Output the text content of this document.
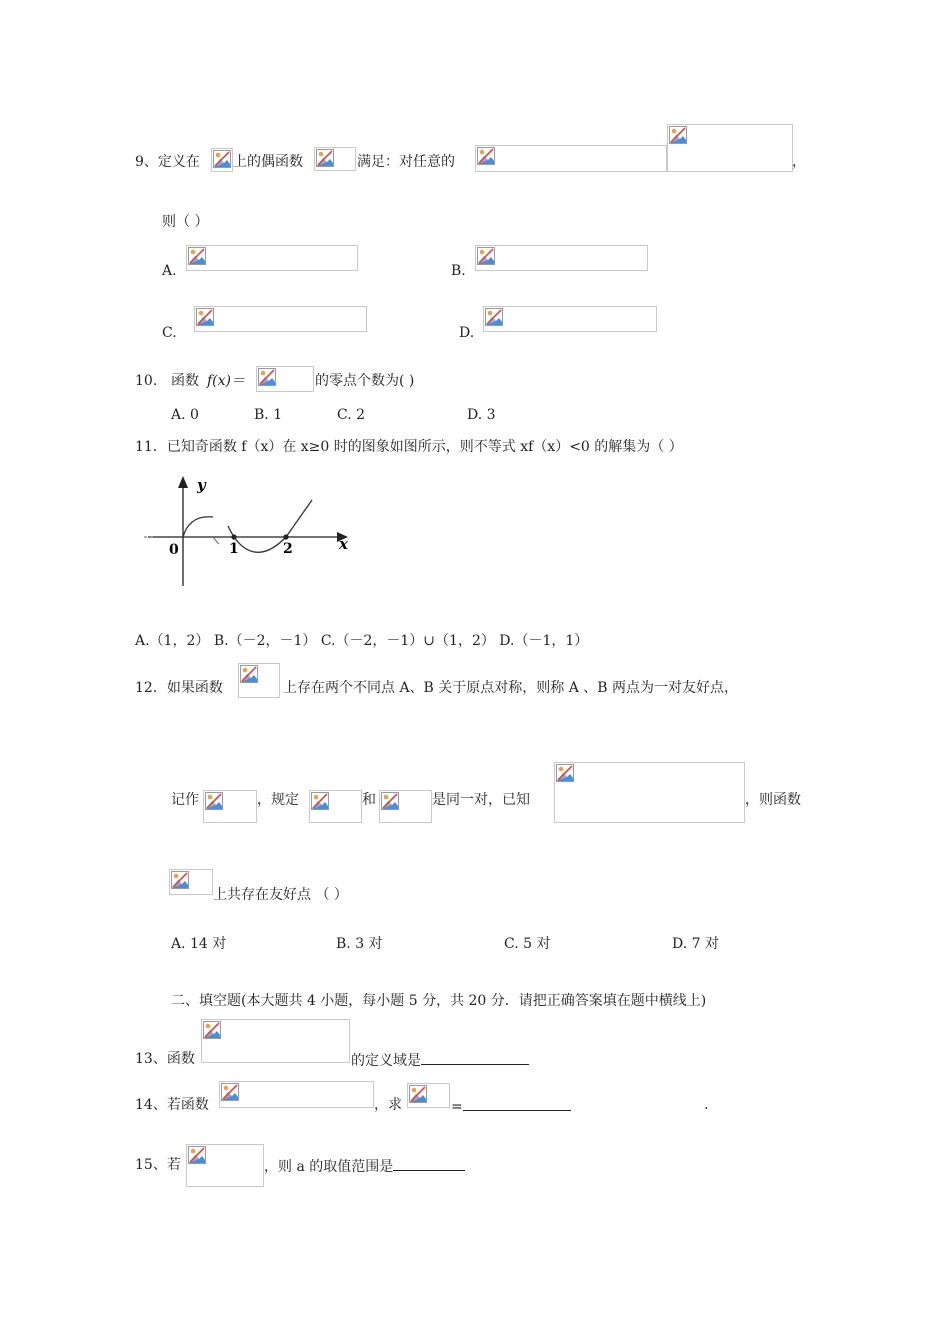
9、定义在 上的偶函数	满足：对任意的	，
则（ ）
A.	B.
C.	D.
10. 函数 f(x)＝	的零点个数为( )
A. 0	B. 1	C. 2	D. 3
11．已知奇函数 f（x）在 x≥0 时的图象如图所示，则不等式 xf（x）<0 的解集为（ ）
y
x
0	1	2
A.（1，2） B.（－2，－1） C.（－2，－1）∪（1，2） D.（－1，1）
12．如果函数	上存在两个不同点 A、B 关于原点对称，则称 A 、B 两点为一对友好点，
记作	，规定	和	是同一对，已知	，则函数
上共存在友好点 （ ）
A. 14 对	B. 3 对	C. 5 对	D. 7 对
二、填空题(本大题共 4 小题，每小题 5 分，共 20 分．请把正确答案填在题中横线上)
13、函数	的定义域是
14、若函数	，求	=	.
15、若	，则 a 的取值范围是
